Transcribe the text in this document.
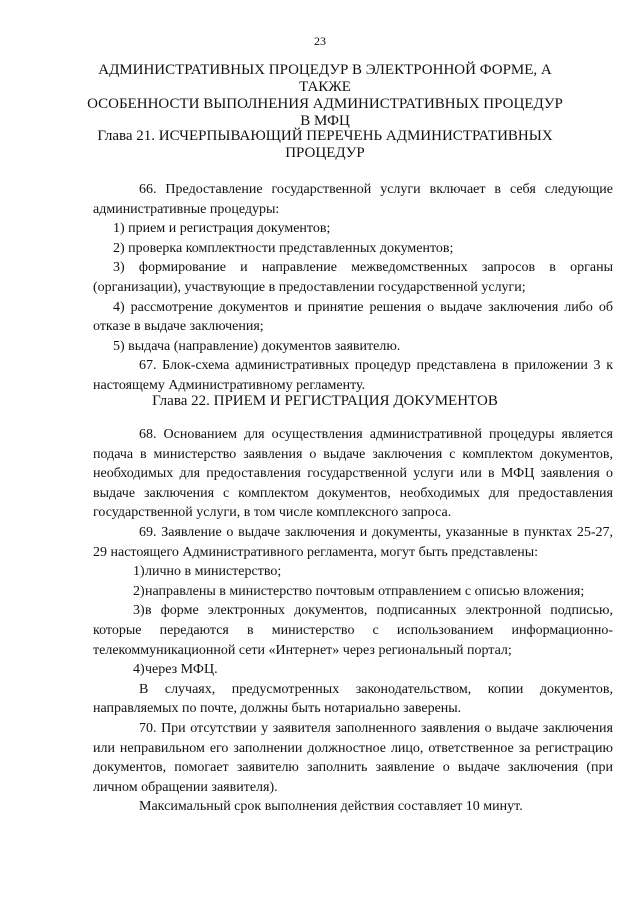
23
АДМИНИСТРАТИВНЫХ ПРОЦЕДУР В ЭЛЕКТРОННОЙ ФОРМЕ, А ТАКЖЕ
ОСОБЕННОСТИ ВЫПОЛНЕНИЯ АДМИНИСТРАТИВНЫХ ПРОЦЕДУР
В МФЦ
Глава 21. ИСЧЕРПЫВАЮЩИЙ ПЕРЕЧЕНЬ АДМИНИСТРАТИВНЫХ
ПРОЦЕДУР

66. Предоставление государственной услуги включает в себя следующие административные процедуры:

1) прием и регистрация документов;

2) проверка комплектности представленных документов;

3) формирование и направление межведомственных запросов в органы (организации), участвующие в предоставлении государственной услуги;

4) рассмотрение документов и принятие решения о выдаче заключения либо об отказе в выдаче заключения;

5) выдача (направление) документов заявителю.

67. Блок-схема административных процедур представлена в приложении 3 к настоящему Административному регламенту.

Глава 22. ПРИЕМ И РЕГИСТРАЦИЯ ДОКУМЕНТОВ

68. Основанием для осуществления административной процедуры является подача в министерство заявления о выдаче заключения с комплектом документов, необходимых для предоставления государственной услуги или в МФЦ заявления о выдаче заключения с комплектом документов, необходимых для предоставления государственной услуги, в том числе комплексного запроса.

69. Заявление о выдаче заключения и документы, указанные в пунктах 25-27, 29 настоящего Административного регламента, могут быть представлены:

1)лично в министерство;

2)направлены в министерство почтовым отправлением с описью вложения;

3)в форме электронных документов, подписанных электронной подписью, которые передаются в министерство с использованием информационно-телекоммуникационной сети «Интернет» через региональный портал;

4)через МФЦ.

В случаях, предусмотренных законодательством, копии документов, направляемых по почте, должны быть нотариально заверены.

70. При отсутствии у заявителя заполненного заявления о выдаче заключения или неправильном его заполнении должностное лицо, ответственное за регистрацию документов, помогает заявителю заполнить заявление о выдаче заключения (при личном обращении заявителя).

Максимальный срок выполнения действия составляет 10 минут.
